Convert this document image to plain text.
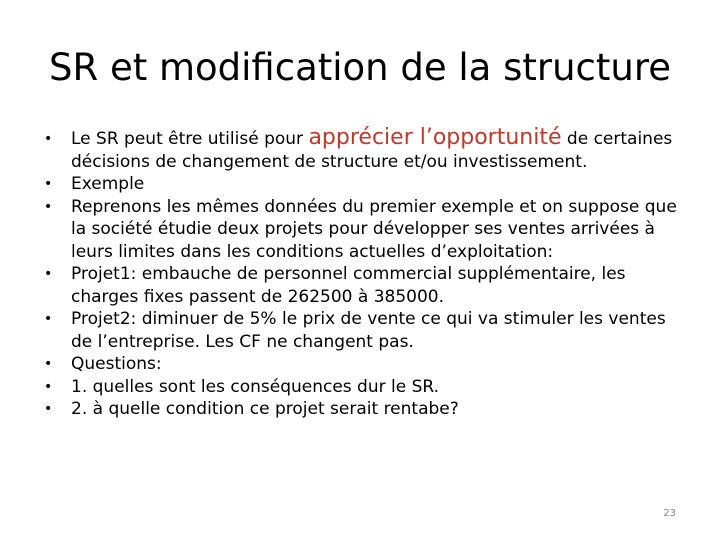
SR et modification de la structure
• Le SR peut être utilisé pour apprécier l’opportunité de certaines décisions de changement de structure et/ou investissement.
• Exemple
• Reprenons les mêmes données du premier exemple et on suppose que la société étudie deux projets pour développer ses ventes arrivées à leurs limites dans les conditions actuelles d’exploitation:
• Projet1: embauche de personnel commercial supplémentaire, les charges fixes passent de 262500 à 385000.
• Projet2: diminuer de 5% le prix de vente ce qui va stimuler les ventes de l’entreprise. Les CF ne changent pas.
• Questions:
• 1. quelles sont les conséquences dur le SR.
• 2. à quelle condition ce projet serait rentabe?
23
